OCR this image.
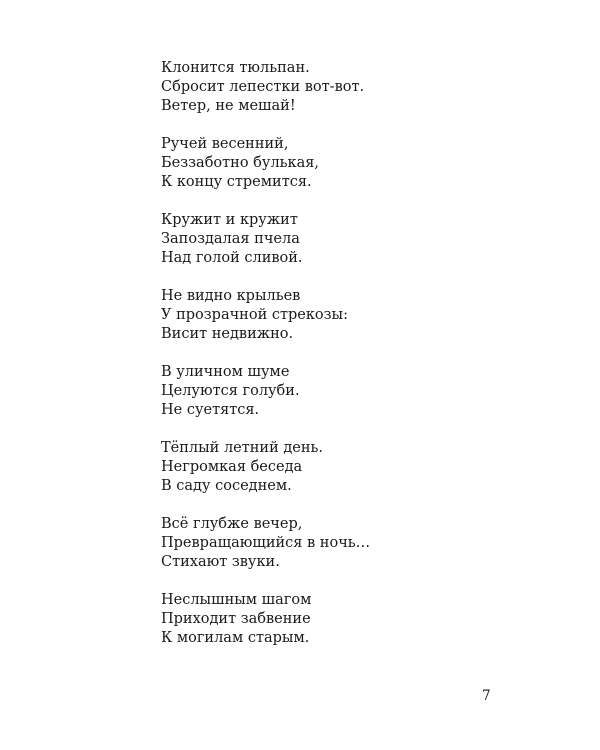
Клонится тюльпан.
Сбросит лепестки вот-вот.
Ветер, не мешай!
Ручей весенний,
Беззаботно булькая,
К концу стремится.
Кружит и кружит
Запоздалая пчела
Над голой сливой.
Не видно крыльев
У прозрачной стрекозы:
Висит недвижно.
В уличном шуме
Целуются голуби.
Не суетятся.
Тёплый летний день.
Негромкая беседа
В саду соседнем.
Всё глубже вечер,
Превращающийся в ночь…
Стихают звуки.
Неслышным шагом
Приходит забвение
К могилам старым.
7
